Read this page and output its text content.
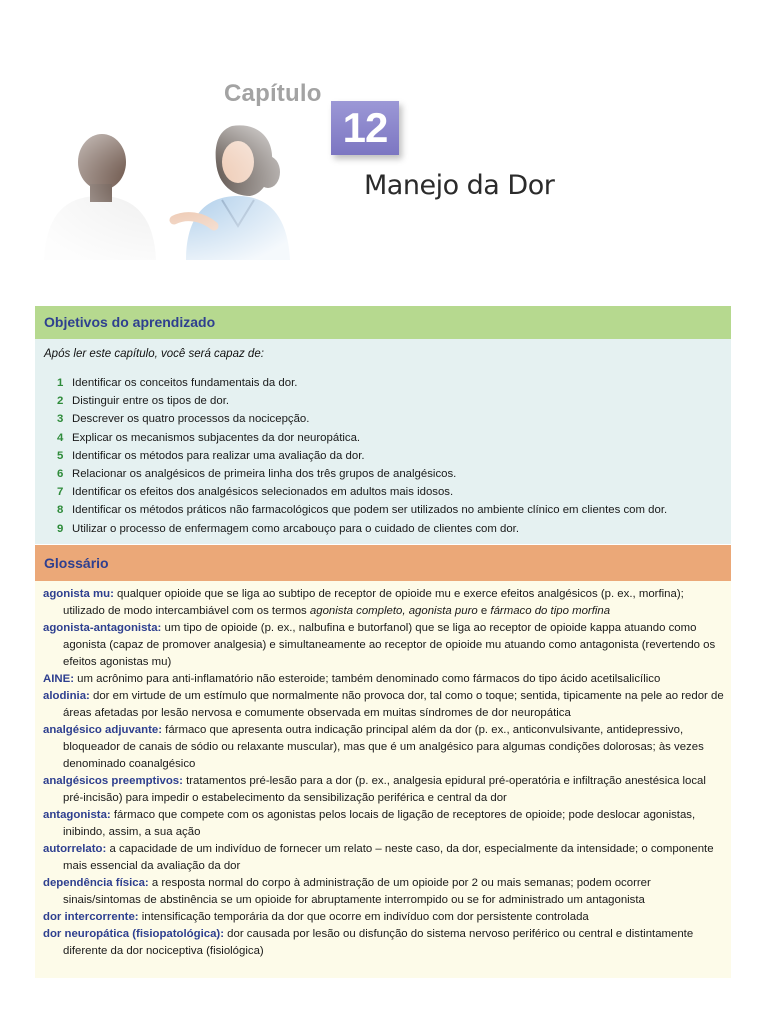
Capítulo
12
Manejo da Dor
Objetivos do aprendizado
Após ler este capítulo, você será capaz de:
1 Identificar os conceitos fundamentais da dor.
2 Distinguir entre os tipos de dor.
3 Descrever os quatro processos da nocicepção.
4 Explicar os mecanismos subjacentes da dor neuropática.
5 Identificar os métodos para realizar uma avaliação da dor.
6 Relacionar os analgésicos de primeira linha dos três grupos de analgésicos.
7 Identificar os efeitos dos analgésicos selecionados em adultos mais idosos.
8 Identificar os métodos práticos não farmacológicos que podem ser utilizados no ambiente clínico em clientes com dor.
9 Utilizar o processo de enfermagem como arcabouço para o cuidado de clientes com dor.
Glossário

agonista mu: qualquer opioide que se liga ao subtipo de receptor de opioide mu e exerce efeitos analgésicos (p. ex., morfina); utilizado de modo intercambiável com os termos agonista completo, agonista puro e fármaco do tipo morfina

agonista-antagonista: um tipo de opioide (p. ex., nalbufina e butorfanol) que se liga ao receptor de opioide kappa atuando como agonista (capaz de promover analgesia) e simultaneamente ao receptor de opioide mu atuando como antagonista (revertendo os efeitos agonistas mu)

AINE: um acrônimo para anti-inflamatório não esteroide; também denominado como fármacos do tipo ácido acetilsalicílico

alodinia: dor em virtude de um estímulo que normalmente não provoca dor, tal como o toque; sentida, tipicamente na pele ao redor de áreas afetadas por lesão nervosa e comumente observada em muitas síndromes de dor neuropática

analgésico adjuvante: fármaco que apresenta outra indicação principal além da dor (p. ex., anticonvulsivante, antidepressivo, bloqueador de canais de sódio ou relaxante muscular), mas que é um analgésico para algumas condições dolorosas; às vezes denominado coanalgésico

analgésicos preemptivos: tratamentos pré-lesão para a dor (p. ex., analgesia epidural pré-operatória e infiltração anestésica local pré-incisão) para impedir o estabelecimento da sensibilização periférica e central da dor

antagonista: fármaco que compete com os agonistas pelos locais de ligação de receptores de opioide; pode deslocar agonistas, inibindo, assim, a sua ação

autorrelato: a capacidade de um indivíduo de fornecer um relato – neste caso, da dor, especialmente da intensidade; o componente mais essencial da avaliação da dor

dependência física: a resposta normal do corpo à administração de um opioide por 2 ou mais semanas; podem ocorrer sinais/sintomas de abstinência se um opioide for abruptamente interrompido ou se for administrado um antagonista

dor intercorrente: intensificação temporária da dor que ocorre em indivíduo com dor persistente controlada

dor neuropática (fisiopatológica): dor causada por lesão ou disfunção do sistema nervoso periférico ou central e distintamente diferente da dor nociceptiva (fisiológica)
